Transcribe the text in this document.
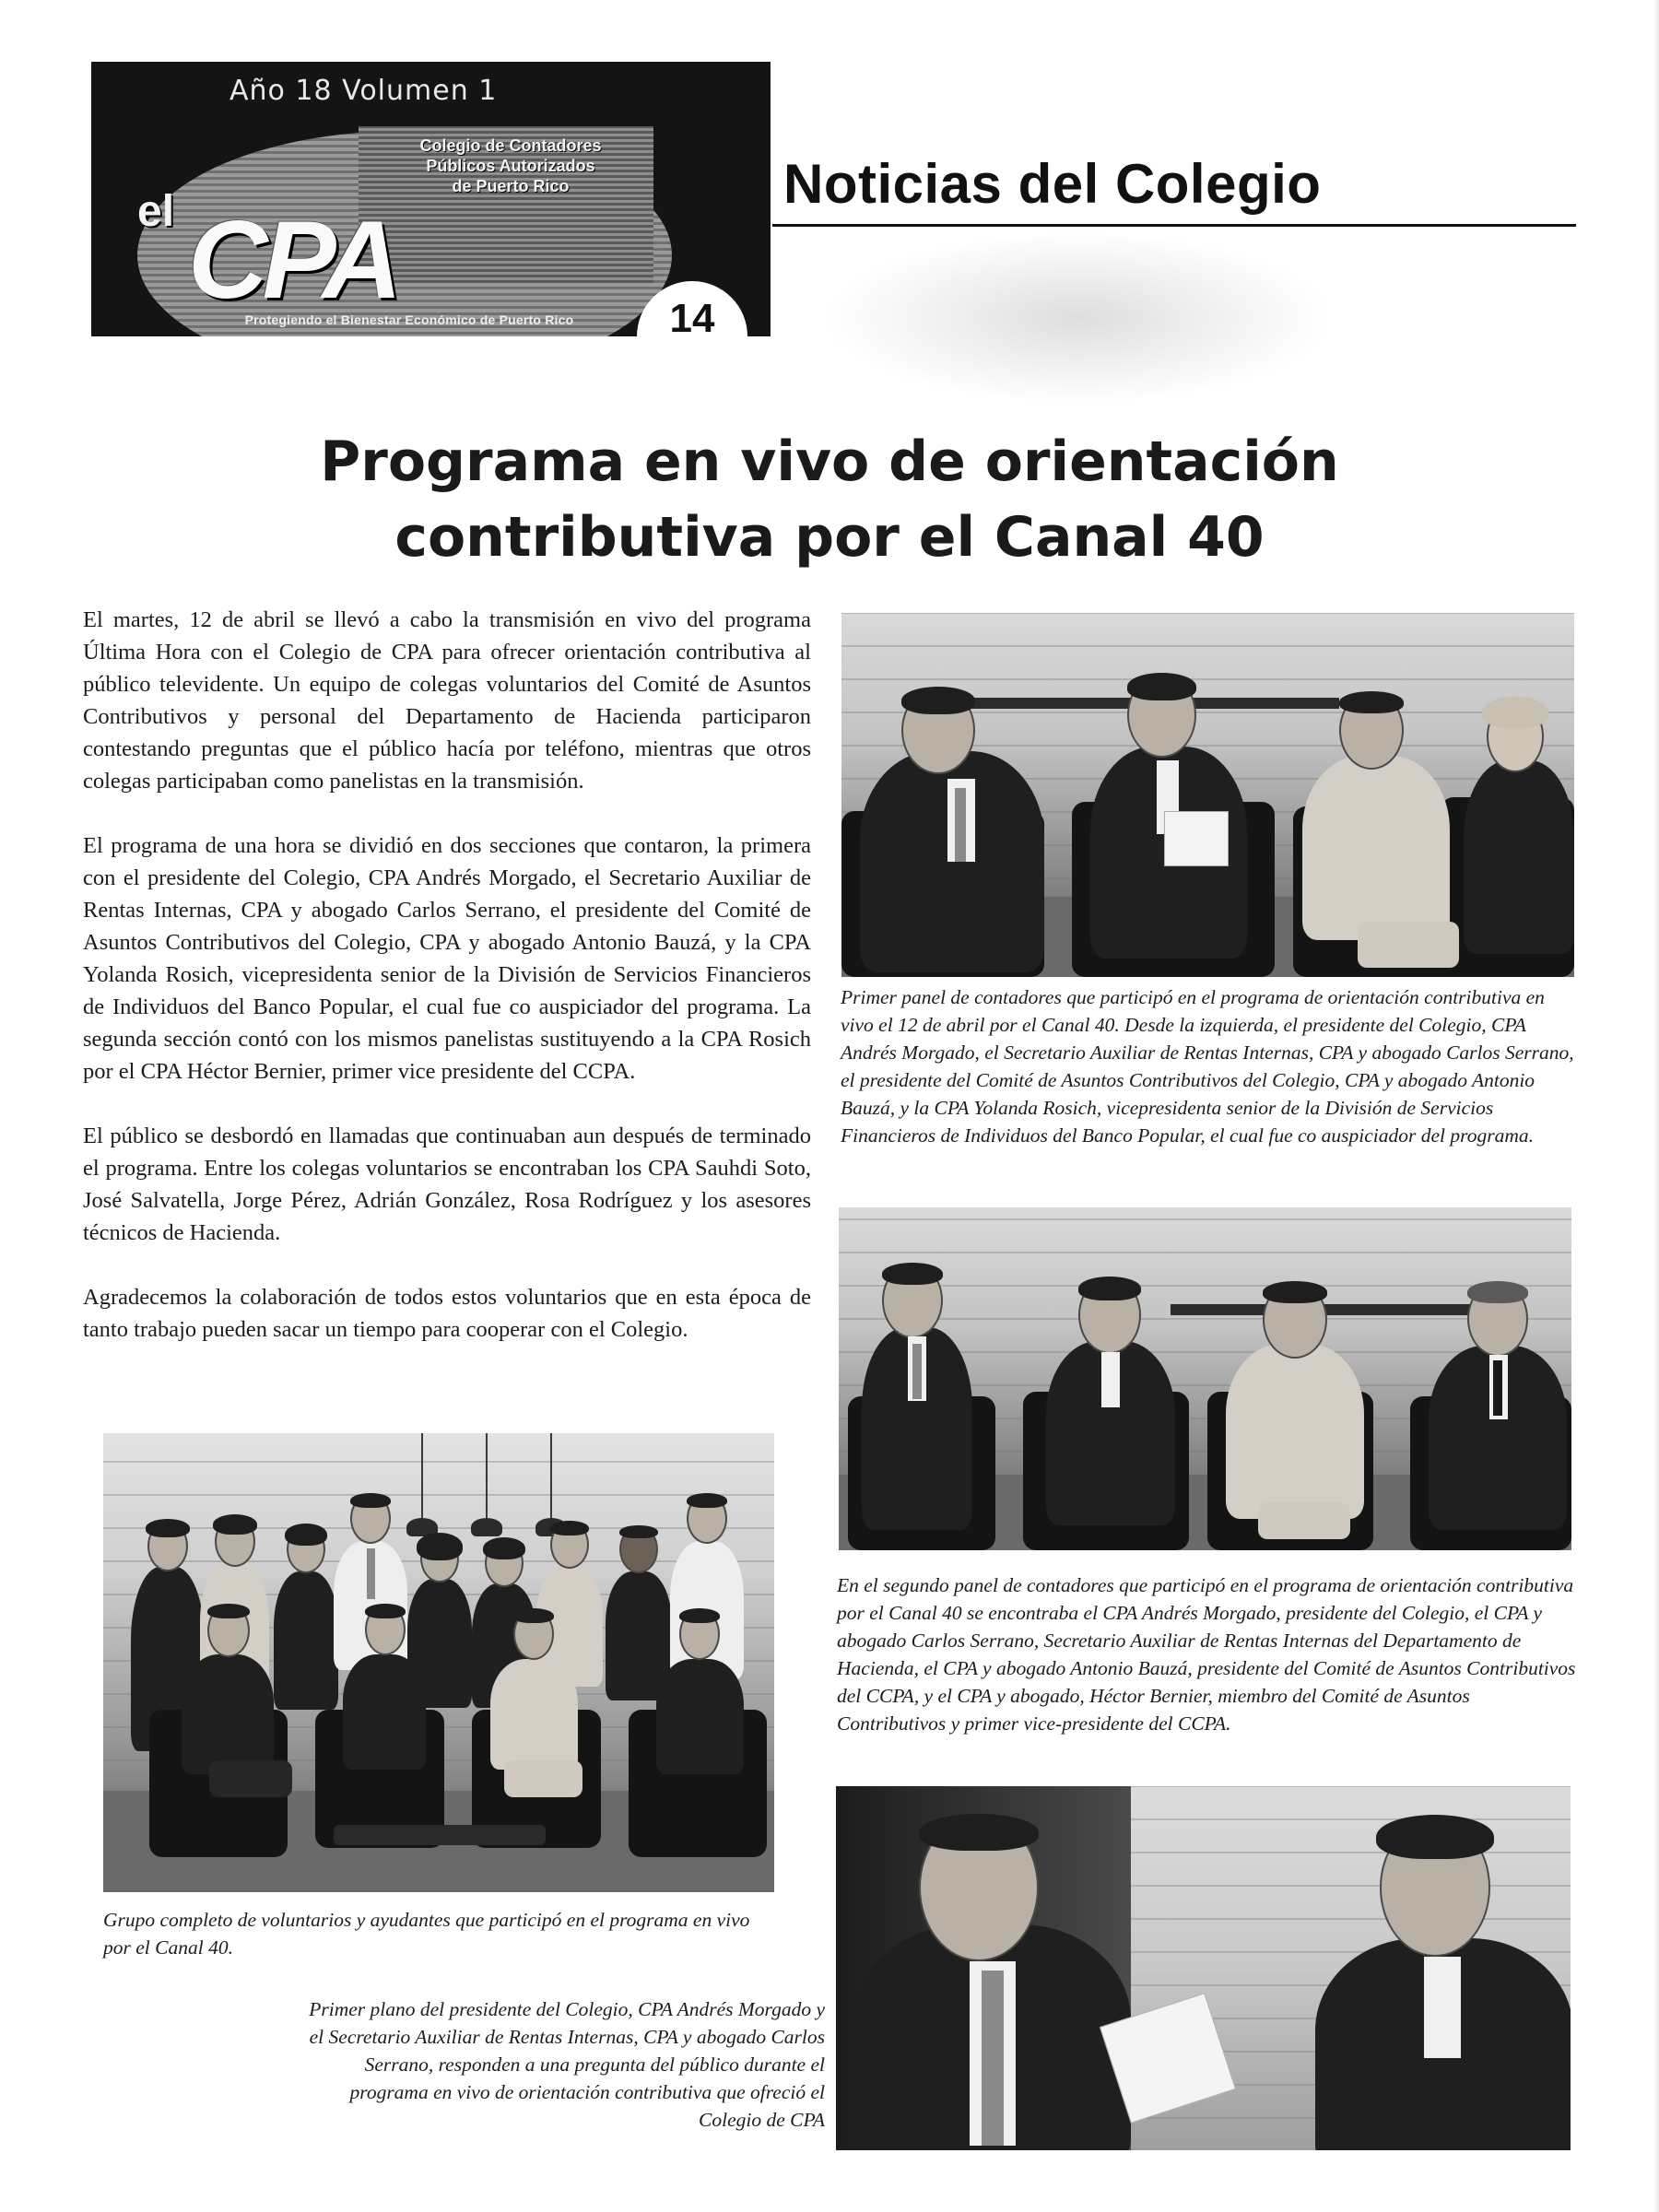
Año 18 Volumen 1
Colegio de Contadores
Públicos Autorizados
de Puerto Rico
el CPA
Protegiendo el Bienestar Económico de Puerto Rico	14
Noticias del Colegio
Programa en vivo de orientación
contributiva por el Canal 40

El martes, 12 de abril se llevó a cabo la transmisión en vivo del programa Última Hora con el Colegio de CPA para ofrecer orientación contributiva al público televidente. Un equipo de colegas voluntarios del Comité de Asuntos Contributivos y personal del Departamento de Hacienda participaron contestando preguntas que el público hacía por teléfono, mientras que otros colegas participaban como panelistas en la transmisión.

El programa de una hora se dividió en dos secciones que contaron, la primera con el presidente del Colegio, CPA Andrés Morgado, el Secretario Auxiliar de Rentas Internas, CPA y abogado Carlos Serrano, el presidente del Comité de Asuntos Contributivos del Colegio, CPA y abogado Antonio Bauzá, y la CPA Yolanda Rosich, vicepresidenta senior de la División de Servicios Financieros de Individuos del Banco Popular, el cual fue co auspiciador del programa. La segunda sección contó con los mismos panelistas sustituyendo a la CPA Rosich por el CPA Héctor Bernier, primer vice presidente del CCPA.

El público se desbordó en llamadas que continuaban aun después de terminado el programa. Entre los colegas voluntarios se encontraban los CPA Sauhdi Soto, José Salvatella, Jorge Pérez, Adrián González, Rosa Rodríguez y los asesores técnicos de Hacienda.

Agradecemos la colaboración de todos estos voluntarios que en esta época de tanto trabajo pueden sacar un tiempo para cooperar con el Colegio.

Primer panel de contadores que participó en el programa de orientación contributiva en vivo el 12 de abril por el Canal 40. Desde la izquierda, el presidente del Colegio, CPA Andrés Morgado, el Secretario Auxiliar de Rentas Internas, CPA y abogado Carlos Serrano, el presidente del Comité de Asuntos Contributivos del Colegio, CPA y abogado Antonio Bauzá, y la CPA Yolanda Rosich, vicepresidenta senior de la División de Servicios Financieros de Individuos del Banco Popular, el cual fue co auspiciador del programa.
En el segundo panel de contadores que participó en el programa de orientación contributiva por el Canal 40 se encontraba el CPA Andrés Morgado, presidente del Colegio, el CPA y abogado Carlos Serrano, Secretario Auxiliar de Rentas Internas del Departamento de Hacienda, el CPA y abogado Antonio Bauzá, presidente del Comité de Asuntos Contributivos del CCPA, y el CPA y abogado, Héctor Bernier, miembro del Comité de Asuntos Contributivos y primer vice-presidente del CCPA.
Grupo completo de voluntarios y ayudantes que participó en el programa en vivo por el Canal 40.
Primer plano del presidente del Colegio, CPA Andrés Morgado y el Secretario Auxiliar de Rentas Internas, CPA y abogado Carlos Serrano, responden a una pregunta del público durante el programa en vivo de orientación contributiva que ofreció el Colegio de CPA
